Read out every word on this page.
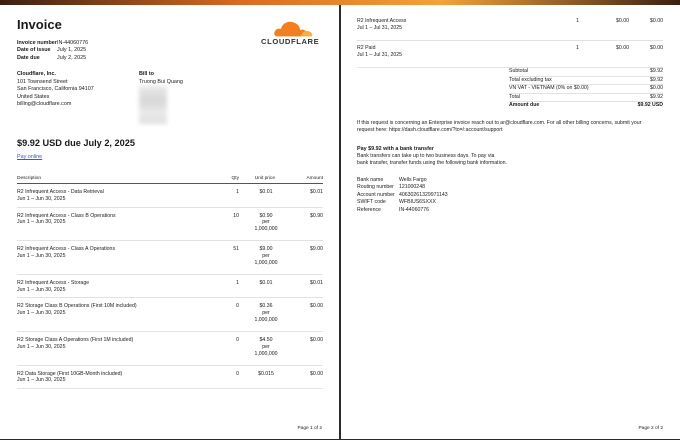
Invoice
Invoice number IN-44060776
Date of issue	July 1, 2025
Date due	July 2, 2025
CLOUDFLARE
Cloudflare, Inc.
101 Townsend Street
San Francisco, California 94107
United States
billing@cloudflare.com
Bill to
Truong Bui Quang
$9.92 USD due July 2, 2025
Pay online
Description	Qty	Unit price	Amount
R2 Infrequent Access - Data Retrieval
Jun 1 – Jun 30, 2025
1	$0.01	$0.01
R2 Infrequent Access - Class B Operations
Jun 1 – Jun 30, 2025
10	$0.90
per
1,000,000
$0.90
R2 Infrequent Access - Class A Operations
Jun 1 – Jun 30, 2025
51	$9.00
per
1,000,000
$9.00
R2 Infrequent Access - Storage
Jun 1 – Jun 30, 2025
1	$0.01	$0.01
R2 Storage Class B Operations (First 10M included)
Jun 1 – Jun 30, 2025
0	$0.36
per
1,000,000
$0.00
R2 Storage Class A Operations (First 1M included)
Jun 1 – Jun 30, 2025
0	$4.50
per
1,000,000
$0.00
R2 Data Storage (First 10GB-Month included)
Jun 1 – Jun 30, 2025
0	$0.015	$0.00
Page 1 of 2
R2 Infrequent Access
Jul 1 – Jul 31, 2025
1	$0.00	$0.00
R2 Paid
Jul 1 – Jul 31, 2025
1	$0.00	$0.00
Subtotal	$9.92
Total excluding tax	$9.92
VN VAT - VIETNAM (0% on $0.00)	$0.00
Total	$9.92
Amount due	$9.92 USD
If this request is concerning an Enterprise invoice reach out to ar@cloudflare.com. For all other billing concerns, submit your request here: https://dash.cloudflare.com/?to=/:account/support
Pay $9.92 with a bank transfer
Bank transfers can take up to two business days. To pay via bank transfer, transfer funds using the following bank information.
Bank name	Wells Fargo
Routing number 121000248
Account number 40630261329971143
SWIFT code	WFBIUS6SXXX
Reference	IN-44060776
Page 2 of 2
